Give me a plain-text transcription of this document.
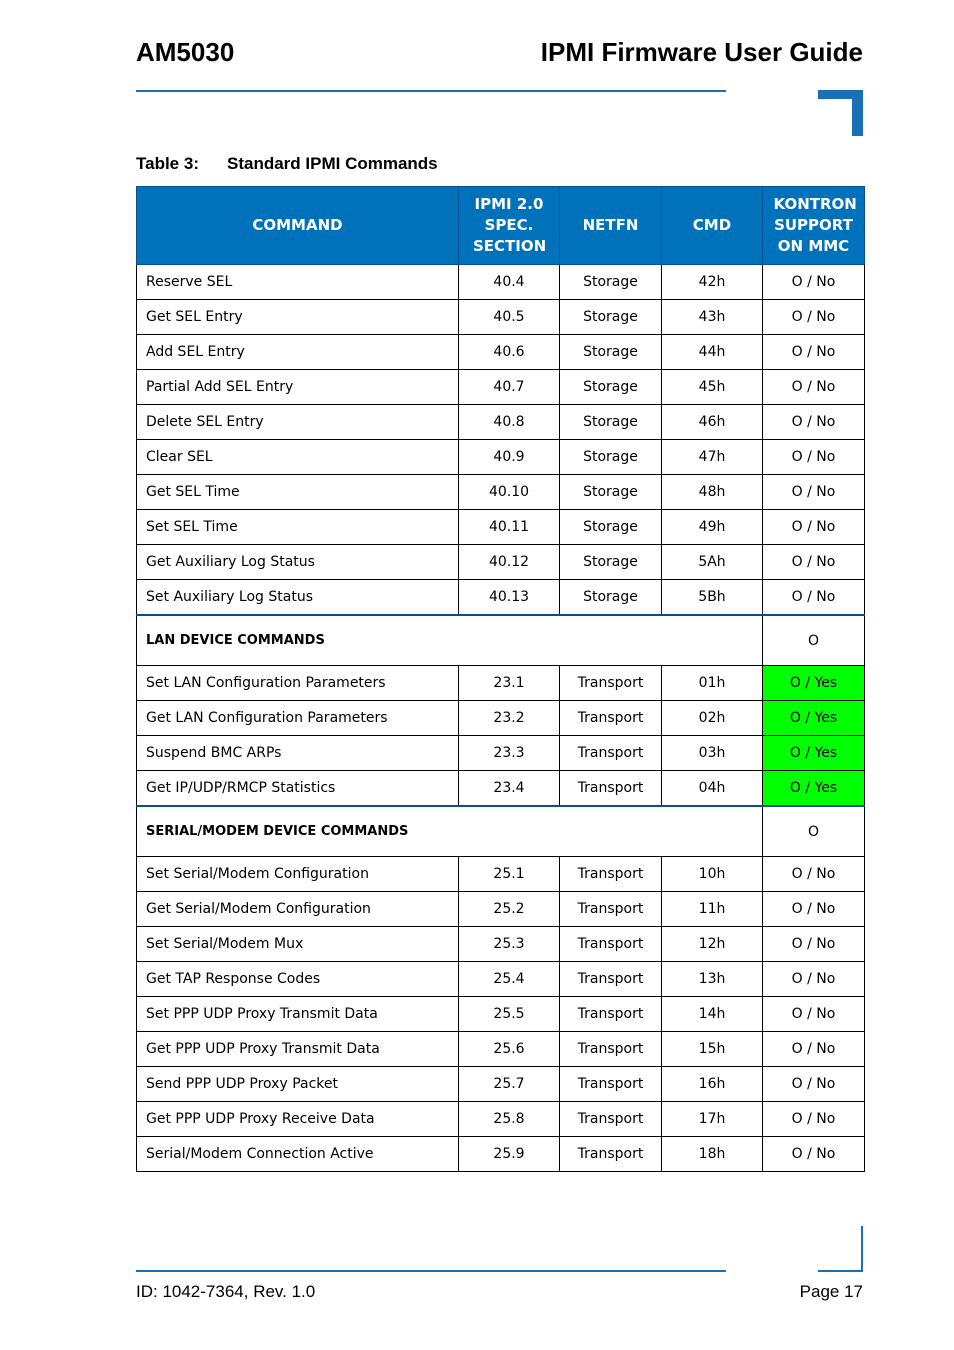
AM5030	IPMI Firmware User Guide
Table 3: Standard IPMI Commands
COMMAND	IPMI 2.0 SPEC. SECTION	NETFN	CMD	KONTRON SUPPORT ON MMC
Reserve SEL	40.4	Storage	42h	O / No
Get SEL Entry	40.5	Storage	43h	O / No
Add SEL Entry	40.6	Storage	44h	O / No
Partial Add SEL Entry	40.7	Storage	45h	O / No
Delete SEL Entry	40.8	Storage	46h	O / No
Clear SEL	40.9	Storage	47h	O / No
Get SEL Time	40.10	Storage	48h	O / No
Set SEL Time	40.11	Storage	49h	O / No
Get Auxiliary Log Status	40.12	Storage	5Ah	O / No
Set Auxiliary Log Status	40.13	Storage	5Bh	O / No
LAN DEVICE COMMANDS				O
Set LAN Configuration Parameters	23.1	Transport	01h	O / Yes
Get LAN Configuration Parameters	23.2	Transport	02h	O / Yes
Suspend BMC ARPs	23.3	Transport	03h	O / Yes
Get IP/UDP/RMCP Statistics	23.4	Transport	04h	O / Yes
SERIAL/MODEM DEVICE COMMANDS				O
Set Serial/Modem Configuration	25.1	Transport	10h	O / No
Get Serial/Modem Configuration	25.2	Transport	11h	O / No
Set Serial/Modem Mux	25.3	Transport	12h	O / No
Get TAP Response Codes	25.4	Transport	13h	O / No
Set PPP UDP Proxy Transmit Data	25.5	Transport	14h	O / No
Get PPP UDP Proxy Transmit Data	25.6	Transport	15h	O / No
Send PPP UDP Proxy Packet	25.7	Transport	16h	O / No
Get PPP UDP Proxy Receive Data	25.8	Transport	17h	O / No
Serial/Modem Connection Active	25.9	Transport	18h	O / No
ID: 1042-7364, Rev. 1.0	Page 17
